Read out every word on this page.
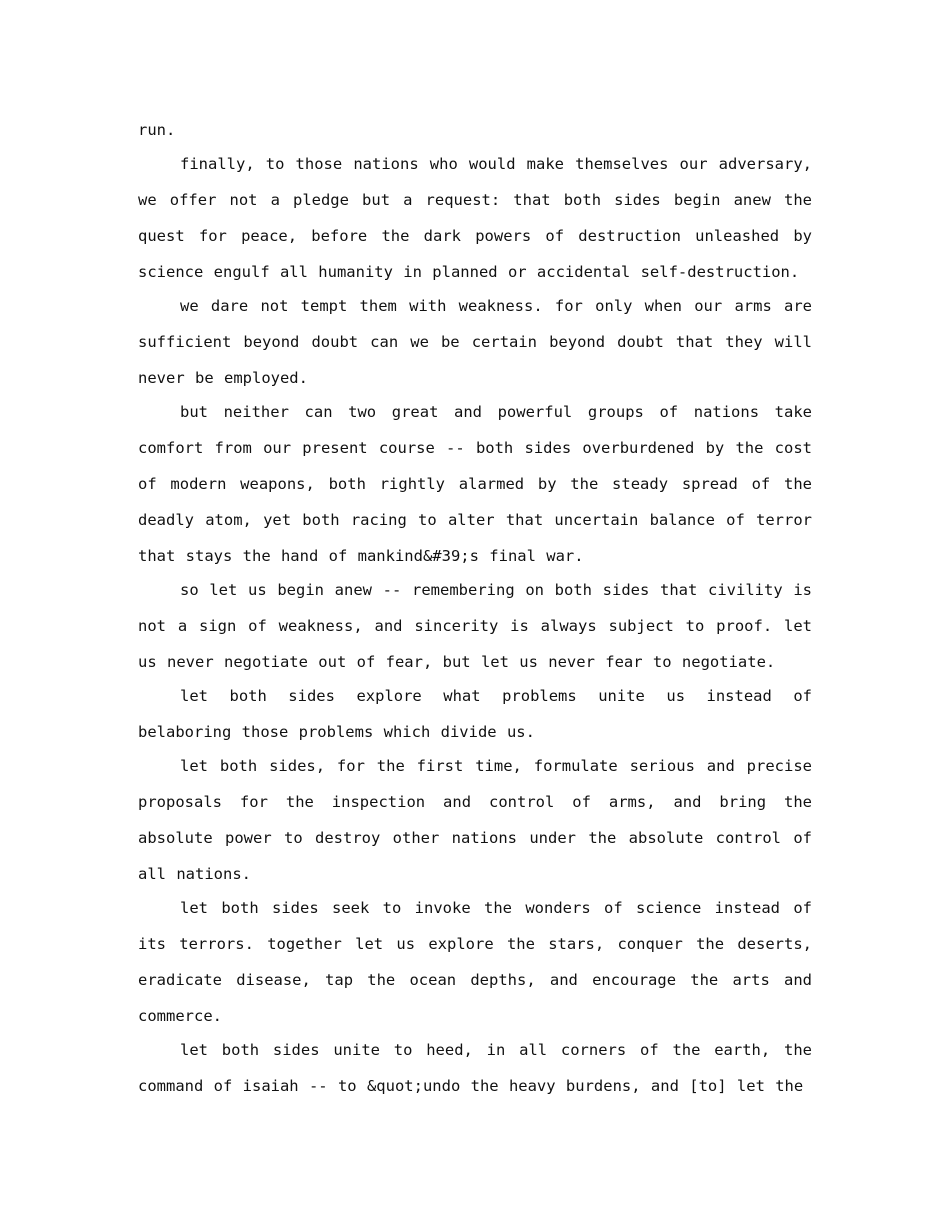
run.

finally, to those nations who would make themselves our adversary, we offer not a pledge but a request: that both sides begin anew the quest for peace, before the dark powers of destruction unleashed by science engulf all humanity in planned or accidental self-destruction.

we dare not tempt them with weakness. for only when our arms are sufficient beyond doubt can we be certain beyond doubt that they will never be employed.

but neither can two great and powerful groups of nations take comfort from our present course -- both sides overburdened by the cost of modern weapons, both rightly alarmed by the steady spread of the deadly atom, yet both racing to alter that uncertain balance of terror that stays the hand of mankind&#39;s final war.

so let us begin anew -- remembering on both sides that civility is not a sign of weakness, and sincerity is always subject to proof. let us never negotiate out of fear, but let us never fear to negotiate.

let both sides explore what problems unite us instead of belaboring those problems which divide us.

let both sides, for the first time, formulate serious and precise proposals for the inspection and control of arms, and bring the absolute power to destroy other nations under the absolute control of all nations.

let both sides seek to invoke the wonders of science instead of its terrors. together let us explore the stars, conquer the deserts, eradicate disease, tap the ocean depths, and encourage the arts and commerce.

let both sides unite to heed, in all corners of the earth, the command of isaiah -- to &quot;undo the heavy burdens, and [to] let the
